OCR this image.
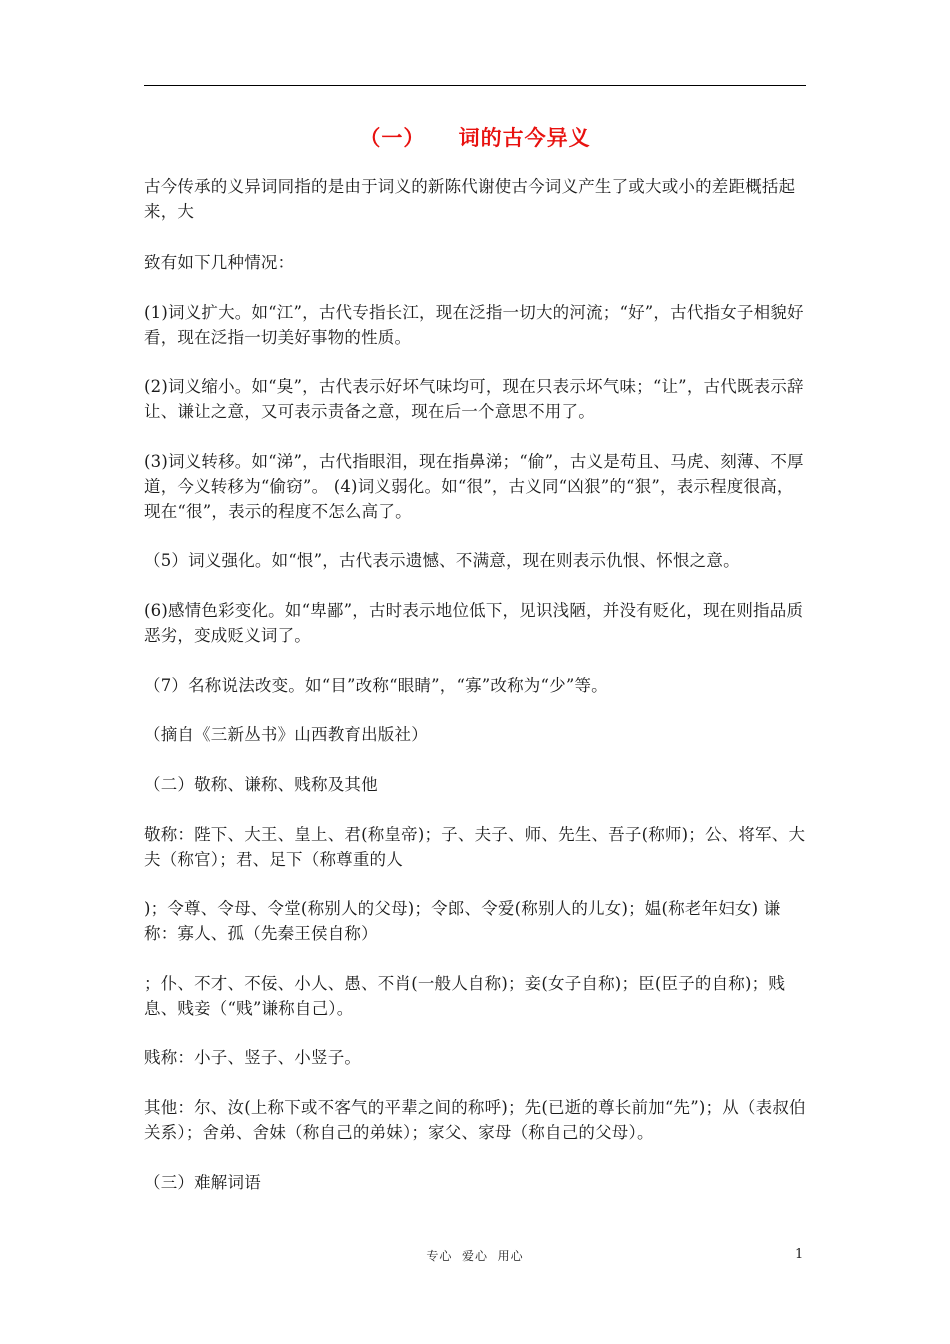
（一）    词的古今异义

古今传承的义异词同指的是由于词义的新陈代谢使古今词义产生了或大或小的差距概括起来，大

致有如下几种情况：

(1)词义扩大。如“江”，古代专指长江，现在泛指一切大的河流；“好”，古代指女子相貌好看，现在泛指一切美好事物的性质。

(2)词义缩小。如“臭”，古代表示好坏气味均可，现在只表示坏气味；“让”，古代既表示辞让、谦让之意，又可表示责备之意，现在后一个意思不用了。

(3)词义转移。如“涕”，古代指眼泪，现在指鼻涕；“偷”，古义是苟且、马虎、刻薄、不厚道，今义转移为“偷窃”。 (4)词义弱化。如“很”，古义同“凶狠”的“狠”，表示程度很高，现在“很”，表示的程度不怎么高了。

（5）词义强化。如“恨”，古代表示遗憾、不满意，现在则表示仇恨、怀恨之意。

(6)感情色彩变化。如“卑鄙”，古时表示地位低下，见识浅陋，并没有贬化，现在则指品质恶劣，变成贬义词了。

（7）名称说法改变。如“目”改称“眼睛”，“寡”改称为“少”等。

（摘自《三新丛书》山西教育出版社）

（二）敬称、谦称、贱称及其他

敬称：陛下、大王、皇上、君(称皇帝)；子、夫子、师、先生、吾子(称师)；公、将军、大夫（称官）；君、足下（称尊重的人

)；令尊、令母、令堂(称别人的父母)；令郎、令爱(称别人的儿女)；媪(称老年妇女) 谦称：寡人、孤（先秦王侯自称）

；仆、不才、不佞、小人、愚、不肖(一般人自称)；妾(女子自称)；臣(臣子的自称)；贱息、贱妾（“贱”谦称自己）。

贱称：小子、竖子、小竖子。

其他：尔、汝(上称下或不客气的平辈之间的称呼)；先(已逝的尊长前加“先”)；从（表叔伯关系）；舍弟、舍妹（称自己的弟妹）；家父、家母（称自己的父母）。

（三）难解词语

专心  爱心  用心	1
